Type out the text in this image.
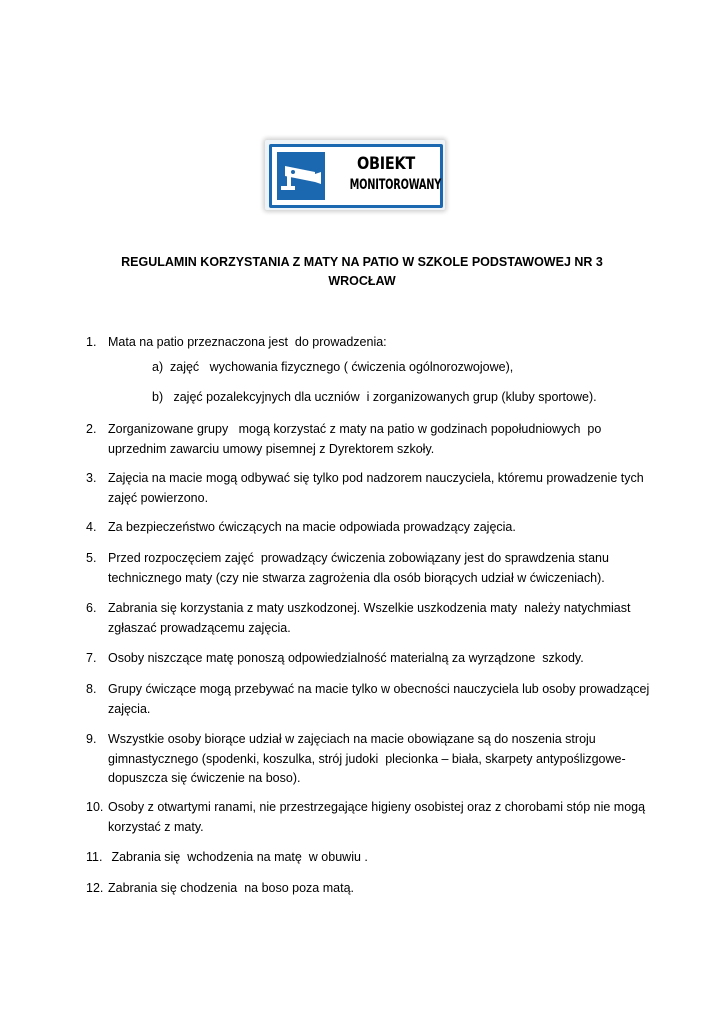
OBIEKT
MONITOROWANY
REGULAMIN KORZYSTANIA Z MATY NA PATIO W SZKOLE PODSTAWOWEJ NR 3
WROCŁAW
1. Mata na patio przeznaczona jest  do prowadzenia:
2. Zorganizowane grupy   mogą korzystać z maty na patio w godzinach popołudniowych  po
uprzednim zawarciu umowy pisemnej z Dyrektorem szkoły.
3. Zajęcia na macie mogą odbywać się tylko pod nadzorem nauczyciela, któremu prowadzenie tych
zajęć powierzono.
4. Za bezpieczeństwo ćwiczących na macie odpowiada prowadzący zajęcia.
5. Przed rozpoczęciem zajęć  prowadzący ćwiczenia zobowiązany jest do sprawdzenia stanu
technicznego maty (czy nie stwarza zagrożenia dla osób biorących udział w ćwiczeniach).
6. Zabrania się korzystania z maty uszkodzonej. Wszelkie uszkodzenia maty  należy natychmiast
zgłaszać prowadzącemu zajęcia.
7. Osoby niszczące matę ponoszą odpowiedzialność materialną za wyrządzone  szkody.
8. Grupy ćwiczące mogą przebywać na macie tylko w obecności nauczyciela lub osoby prowadzącej
zajęcia.
9. Wszystkie osoby biorące udział w zajęciach na macie obowiązane są do noszenia stroju
gimnastycznego (spodenki, koszulka, strój judoki  plecionka – biała, skarpety antypoślizgowe-
dopuszcza się ćwiczenie na boso).
10. Osoby z otwartymi ranami, nie przestrzegające higieny osobistej oraz z chorobami stóp nie mogą
korzystać z maty.
11. Zabrania się  wchodzenia na matę  w obuwiu .
12. Zabrania się chodzenia  na boso poza matą.
a) zajęć   wychowania fizycznego ( ćwiczenia ogólnorozwojowe),
b) zajęć pozalekcyjnych dla uczniów  i zorganizowanych grup (kluby sportowe).
